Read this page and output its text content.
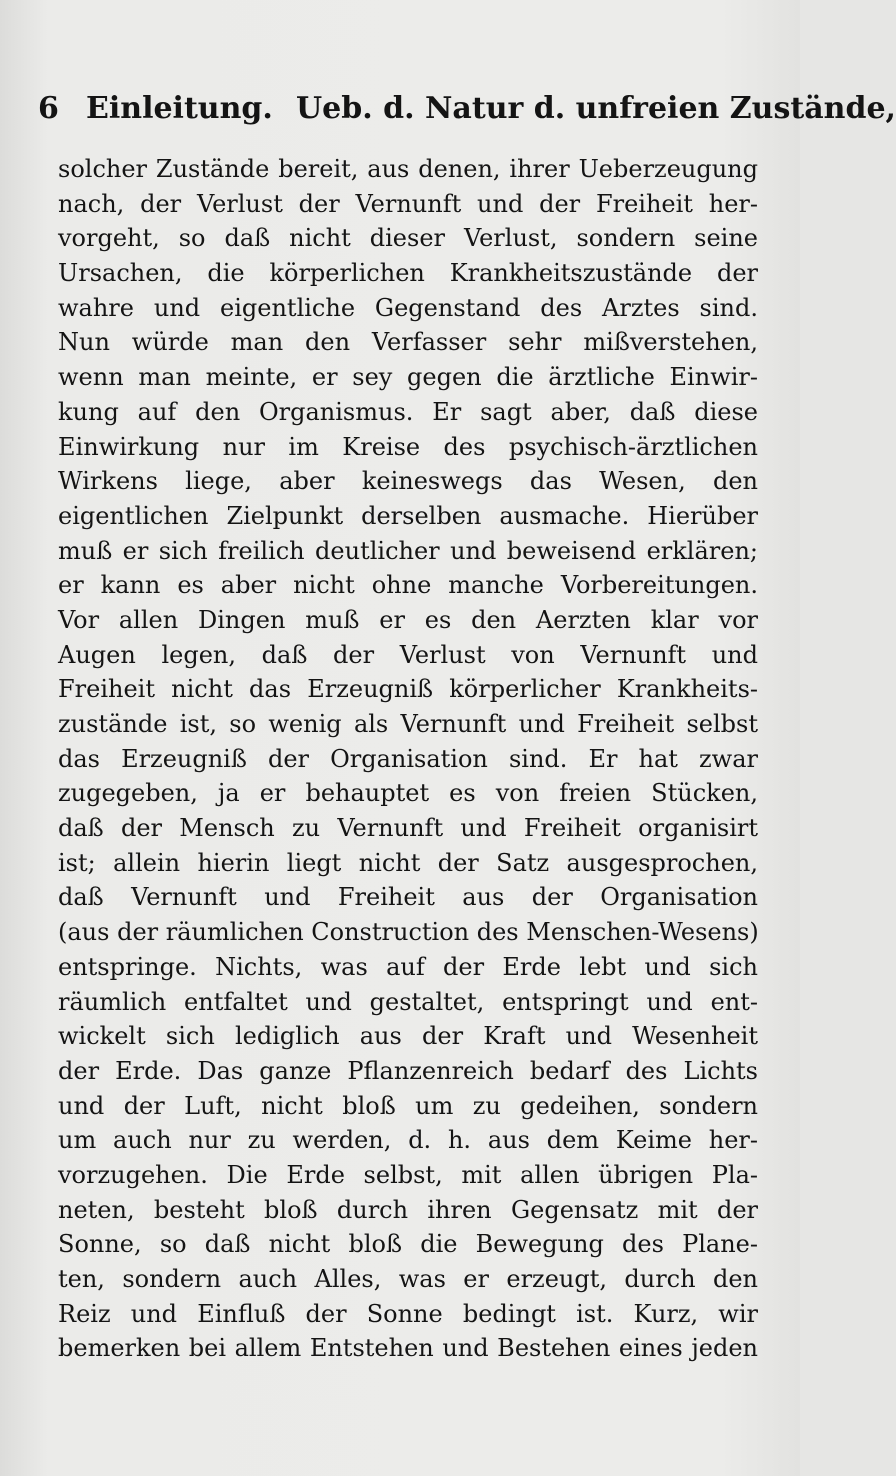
6 Einleitung. Ueb. d. Natur d. unfreien Zustände,
solcher Zustände bereit, aus denen, ihrer Ueberzeugung
nach, der Verlust der Vernunft und der Freiheit her-
vorgeht, so daß nicht dieser Verlust, sondern seine
Ursachen, die körperlichen Krankheitszustände der
wahre und eigentliche Gegenstand des Arztes sind.
Nun würde man den Verfasser sehr mißverstehen,
wenn man meinte, er sey gegen die ärztliche Einwir-
kung auf den Organismus. Er sagt aber, daß diese
Einwirkung nur im Kreise des psychisch-ärztlichen
Wirkens liege, aber keineswegs das Wesen, den
eigentlichen Zielpunkt derselben ausmache. Hierüber
muß er sich freilich deutlicher und beweisend erklären;
er kann es aber nicht ohne manche Vorbereitungen.
Vor allen Dingen muß er es den Aerzten klar vor
Augen legen, daß der Verlust von Vernunft und
Freiheit nicht das Erzeugniß körperlicher Krankheits-
zustände ist, so wenig als Vernunft und Freiheit selbst
das Erzeugniß der Organisation sind. Er hat zwar
zugegeben, ja er behauptet es von freien Stücken,
daß der Mensch zu Vernunft und Freiheit organisirt
ist; allein hierin liegt nicht der Satz ausgesprochen,
daß Vernunft und Freiheit aus der Organisation
(aus der räumlichen Construction des Menschen-Wesens)
entspringe. Nichts, was auf der Erde lebt und sich
räumlich entfaltet und gestaltet, entspringt und ent-
wickelt sich lediglich aus der Kraft und Wesenheit
der Erde. Das ganze Pflanzenreich bedarf des Lichts
und der Luft, nicht bloß um zu gedeihen, sondern
um auch nur zu werden, d. h. aus dem Keime her-
vorzugehen. Die Erde selbst, mit allen übrigen Pla-
neten, besteht bloß durch ihren Gegensatz mit der
Sonne, so daß nicht bloß die Bewegung des Plane-
ten, sondern auch Alles, was er erzeugt, durch den
Reiz und Einfluß der Sonne bedingt ist. Kurz, wir
bemerken bei allem Entstehen und Bestehen eines jeden
